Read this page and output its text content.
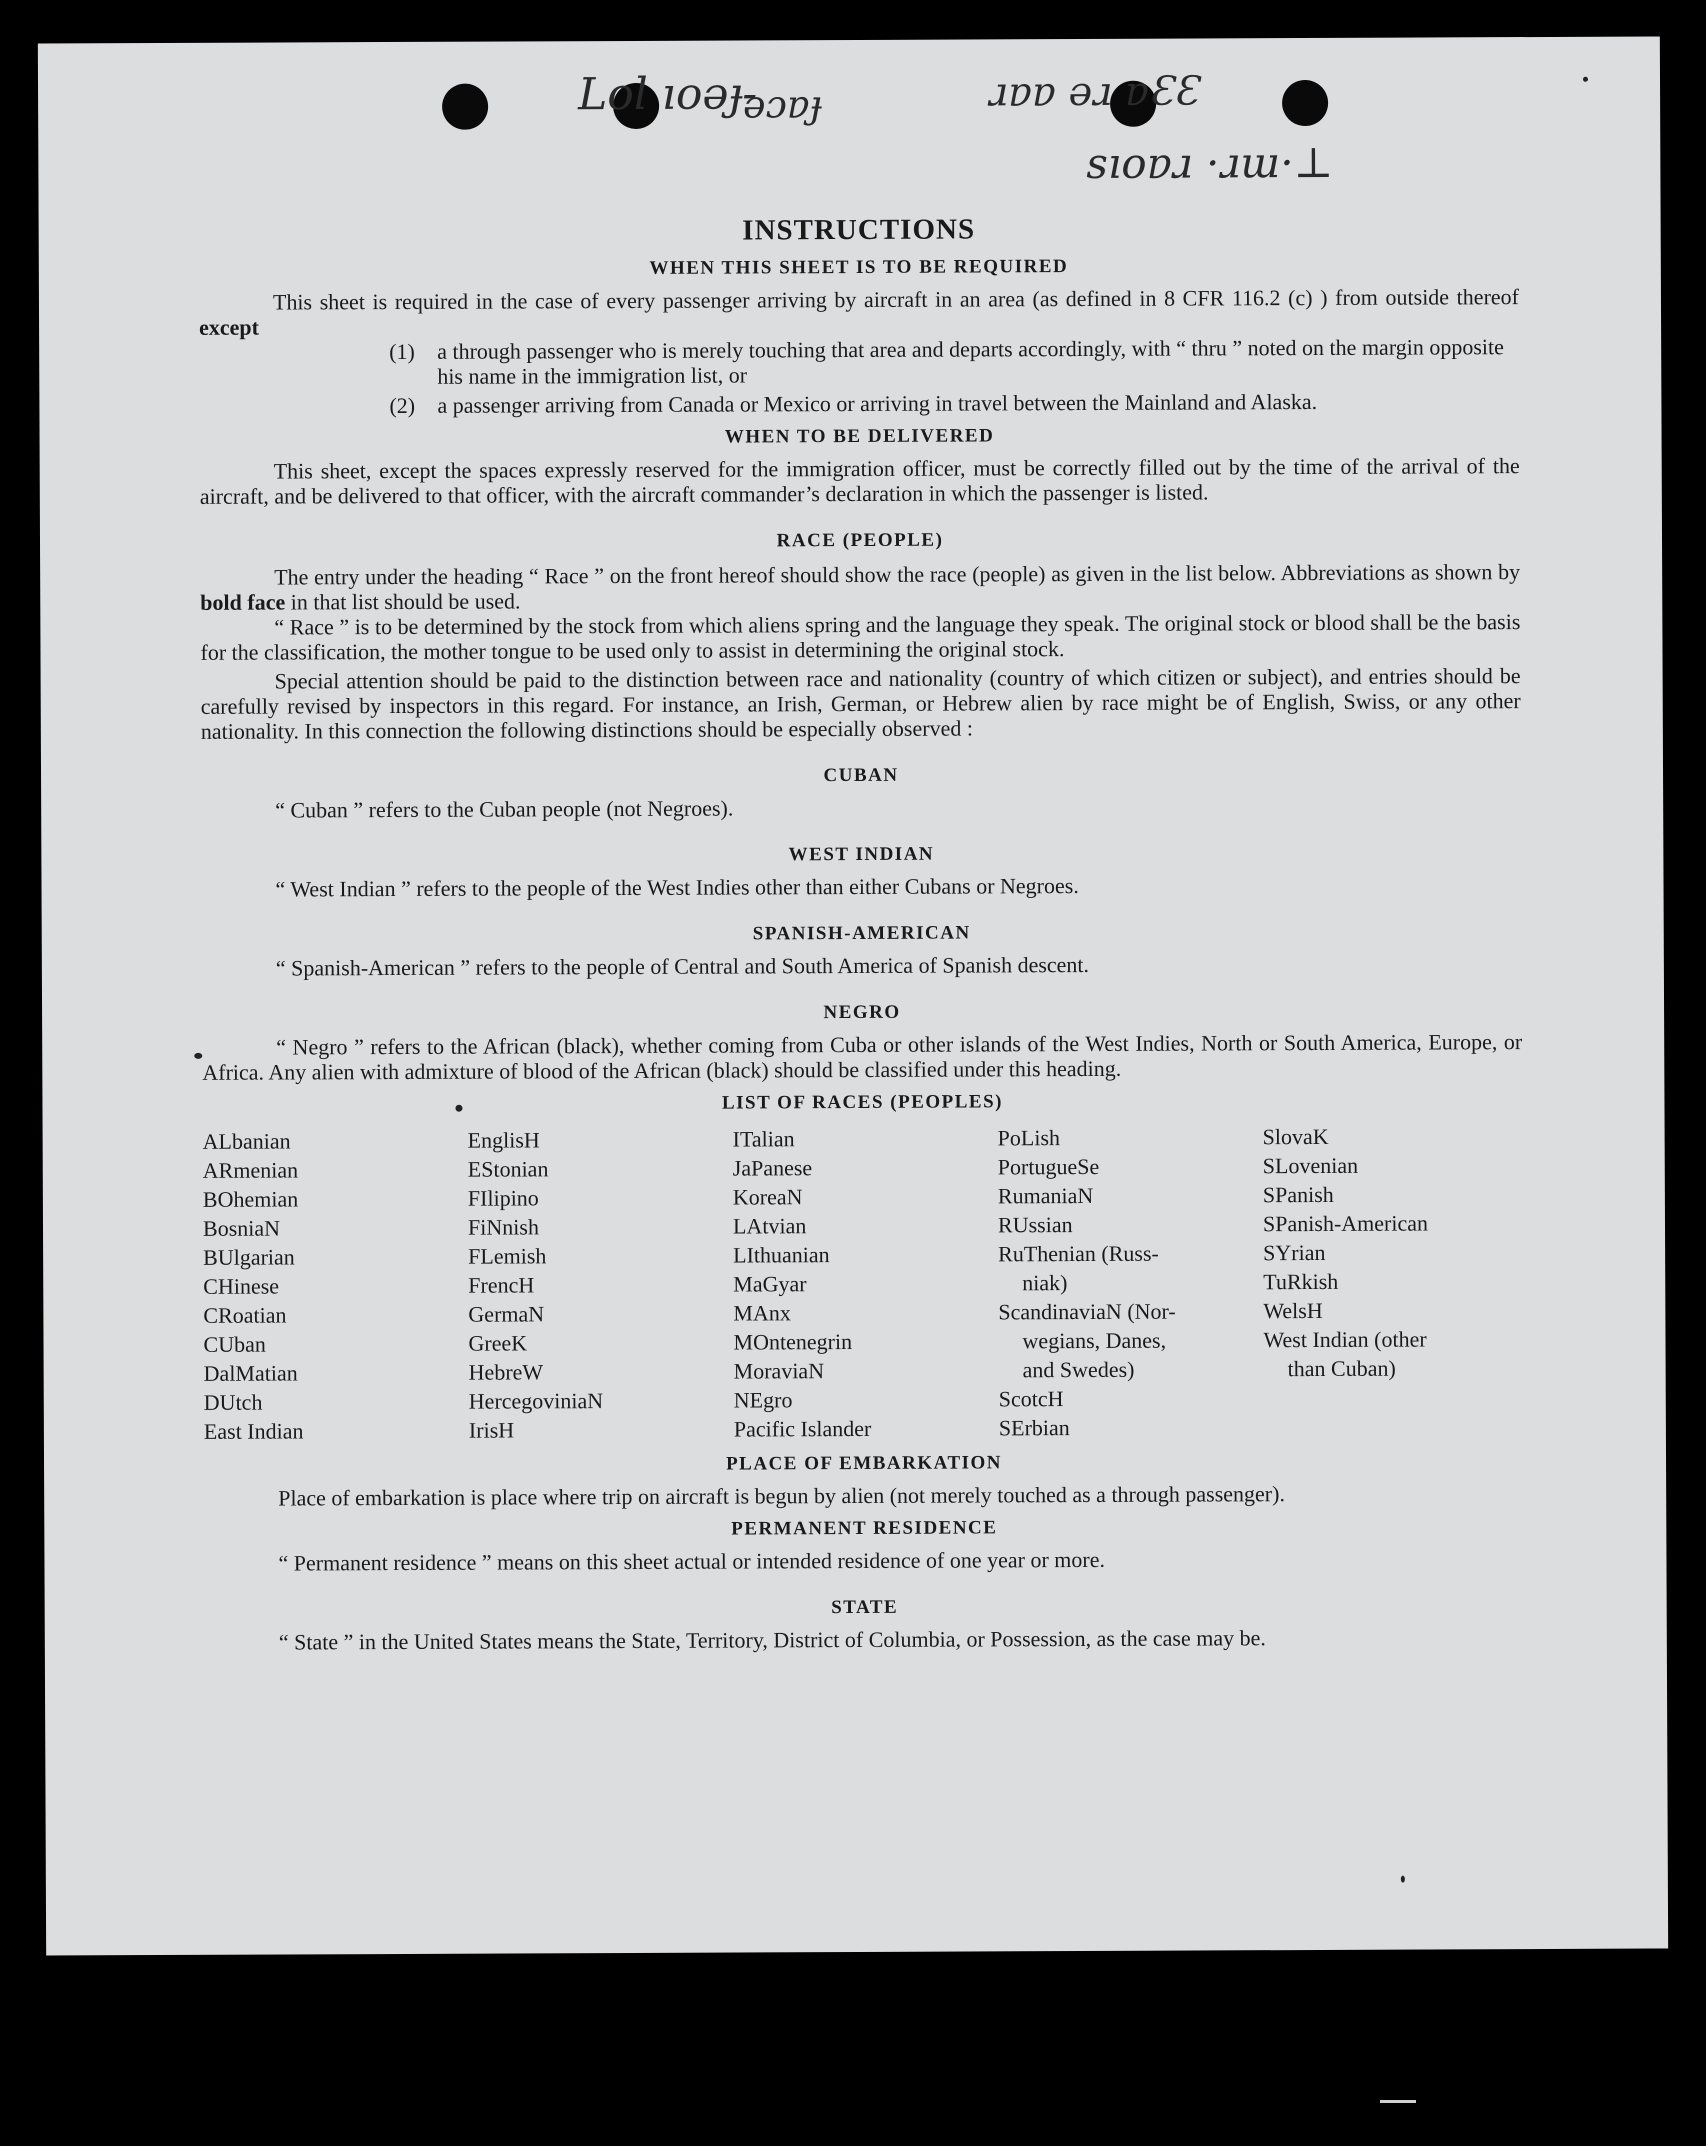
Lol ıoǝɟ-
ǝɔɐɟ	ɹɐɐ ǝɹ ɐƐƐ
sıoɐɹ ·ɹɯ·⊥
INSTRUCTIONS
WHEN THIS SHEET IS TO BE REQUIRED

This sheet is required in the case of every passenger arriving by aircraft in an area (as defined in 8 CFR 116.2 (c) ) from outside thereof except

(1)	a through passenger who is merely touching that area and departs accordingly, with “ thru ” noted on the margin opposite his name in the immigration list, or
(2)	a passenger arriving from Canada or Mexico or arriving in travel between the Mainland and Alaska.
WHEN TO BE DELIVERED

This sheet, except the spaces expressly reserved for the immigration officer, must be correctly filled out by the time of the arrival of the aircraft, and be delivered to that officer, with the aircraft commander’s declaration in which the passenger is listed.

RACE (PEOPLE)

The entry under the heading “ Race ” on the front hereof should show the race (people) as given in the list below. Abbreviations as shown by bold face in that list should be used.

“ Race ” is to be determined by the stock from which aliens spring and the language they speak. The original stock or blood shall be the basis for the classification, the mother tongue to be used only to assist in determining the original stock.

Special attention should be paid to the distinction between race and nationality (country of which citizen or subject), and entries should be carefully revised by inspectors in this regard. For instance, an Irish, German, or Hebrew alien by race might be of English, Swiss, or any other nationality. In this connection the following distinctions should be especially observed :

CUBAN

“ Cuban ” refers to the Cuban people (not Negroes).

WEST INDIAN

“ West Indian ” refers to the people of the West Indies other than either Cubans or Negroes.

SPANISH-AMERICAN

“ Spanish-American ” refers to the people of Central and South America of Spanish descent.

NEGRO

“ Negro ” refers to the African (black), whether coming from Cuba or other islands of the West Indies, North or South America, Europe, or Africa. Any alien with admixture of blood of the African (black) should be classified under this heading.

LIST OF RACES (PEOPLES)
ALbanian
ARmenian
BOhemian
BosniaN
BUlgarian
CHinese
CRoatian
CUban
DalMatian
DUtch
East Indian
EnglisH
EStonian
FIlipino
FiNnish
FLemish
FrencH
GermaN
GreeK
HebreW
HercegoviniaN
IrisH
ITalian
JaPanese
KoreaN
LAtvian
LIthuanian
MaGyar
MAnx
MOntenegrin
MoraviaN
NEgro
Pacific Islander
PoLish
PortugueSe
RumaniaN
RUssian
RuThenian (Russ-
niak)
ScandinaviaN (Nor-
wegians, Danes,
and Swedes)
ScotcH
SErbian
SlovaK
SLovenian
SPanish
SPanish-American
SYrian
TuRkish
WelsH
West Indian (other
than Cuban)
PLACE OF EMBARKATION

Place of embarkation is place where trip on aircraft is begun by alien (not merely touched as a through passenger).

PERMANENT RESIDENCE

“ Permanent residence ” means on this sheet actual or intended residence of one year or more.

STATE

“ State ” in the United States means the State, Territory, District of Columbia, or Possession, as the case may be.
